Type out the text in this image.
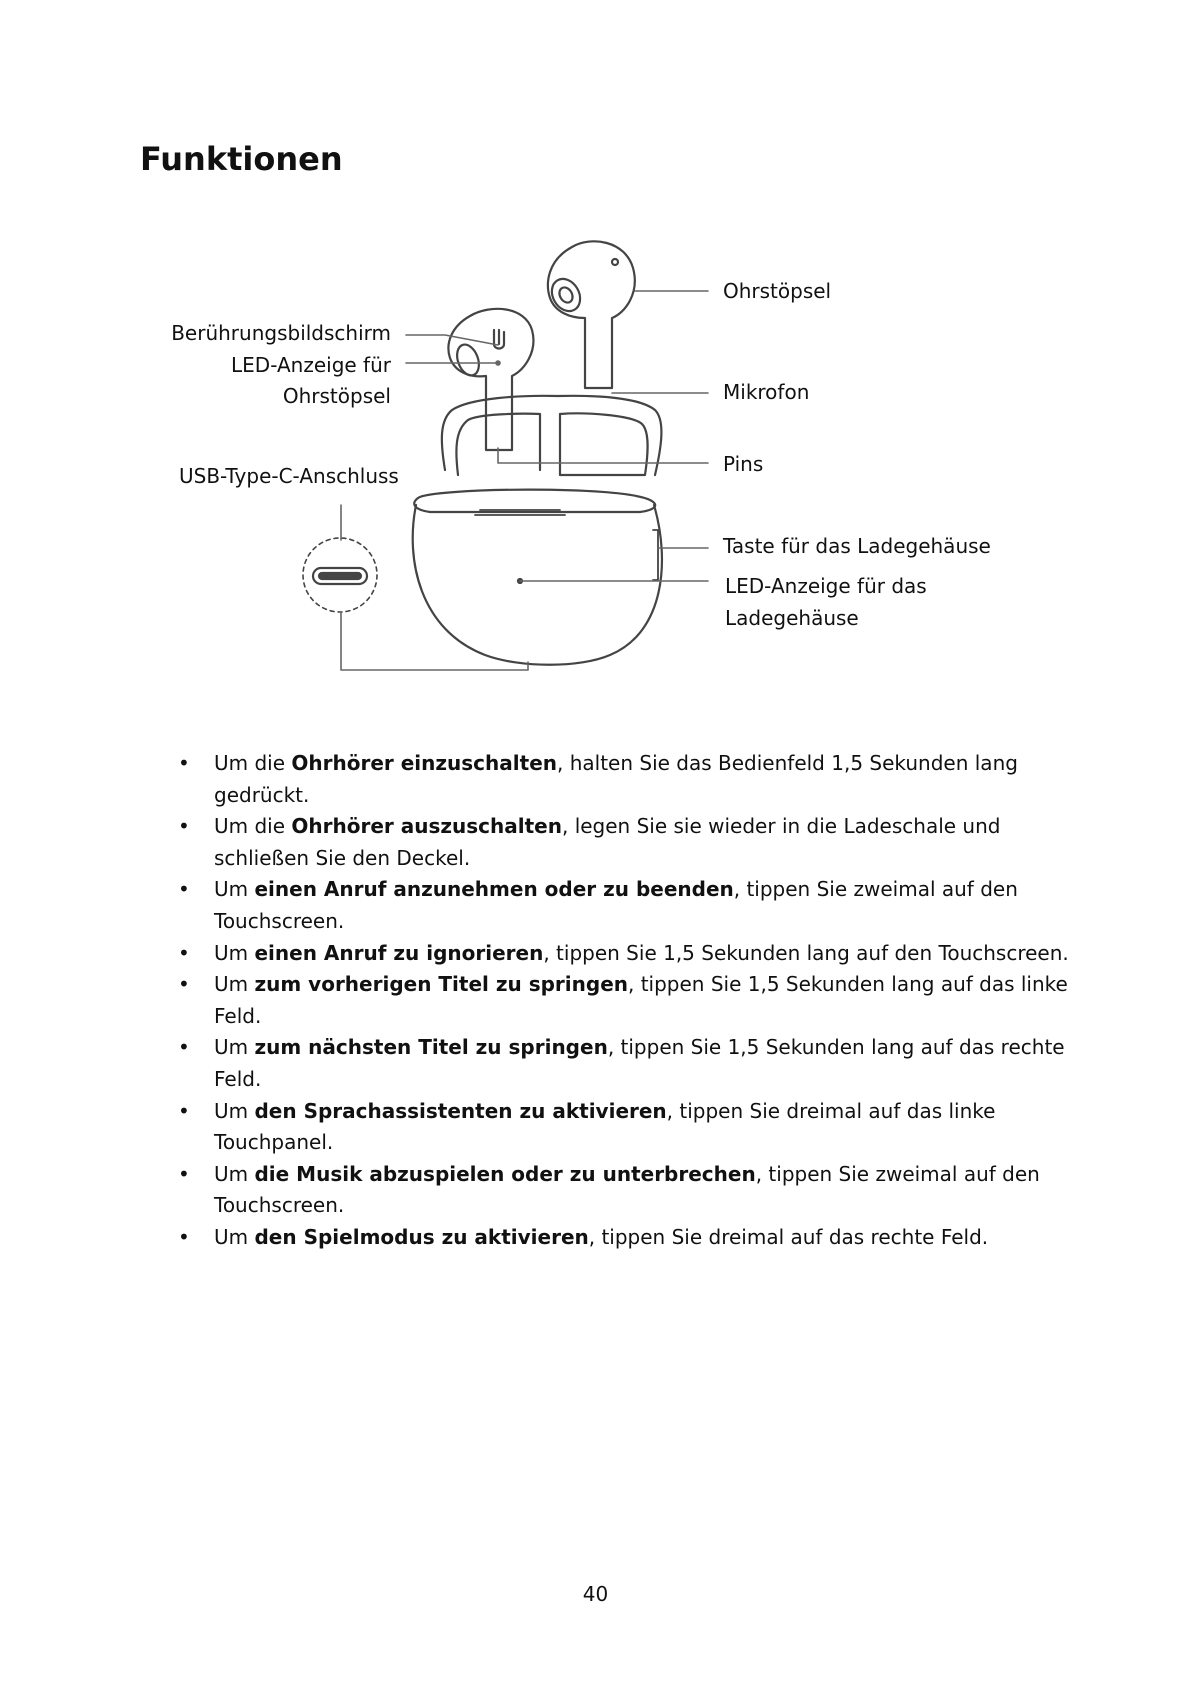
Funktionen
Berührungsbildschirm
LED-Anzeige für
Ohrstöpsel
USB-Type-C-Anschluss
Ohrstöpsel
Mikrofon
Pins
Taste für das Ladegehäuse
LED-Anzeige für das
Ladegehäuse
• Um die Ohrhörer einzuschalten, halten Sie das Bedienfeld 1,5 Sekunden lang gedrückt.
• Um die Ohrhörer auszuschalten, legen Sie sie wieder in die Ladeschale und schließen Sie den Deckel.
• Um einen Anruf anzunehmen oder zu beenden, tippen Sie zweimal auf den Touchscreen.
• Um einen Anruf zu ignorieren, tippen Sie 1,5 Sekunden lang auf den Touchscreen.
• Um zum vorherigen Titel zu springen, tippen Sie 1,5 Sekunden lang auf das linke Feld.
• Um zum nächsten Titel zu springen, tippen Sie 1,5 Sekunden lang auf das rechte Feld.
• Um den Sprachassistenten zu aktivieren, tippen Sie dreimal auf das linke Touchpanel.
• Um die Musik abzuspielen oder zu unterbrechen, tippen Sie zweimal auf den Touchscreen.
• Um den Spielmodus zu aktivieren, tippen Sie dreimal auf das rechte Feld.
40
